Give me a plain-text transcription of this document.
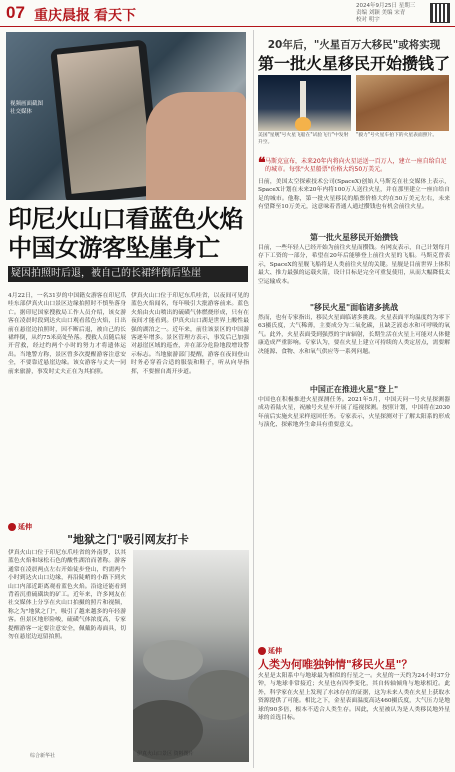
07 重庆晨报 看天下
2024年9月25日 星期三
责编 刘颖 美编 宋青
校对 明宇
视频画面截图
社交媒体
印尼火山口看蓝色火焰
中国女游客坠崖身亡
疑因拍照时后退，被自己的长裙绊倒后坠崖
4月22日，一名31岁的中国籍女游客在印尼爪哇东部伊真火山口景区边缘拍照时不慎坠落身亡。据印尼国家搜救局工作人员介绍，该女游客在凌晨时段到达火山口观看蓝色火焰，日出前在悬崖边拍照时，因不断后退，被自己的长裙绊倒，从约75米高处坠落。搜救人员随后展开营救，经过约两个小时的努力才将遗体运出。当地警方称，景区曾多次提醒游客注意安全，不要靠近悬崖边缘。该女游客与丈夫一同前来旅游，事发时丈夫正在为其拍照。
伊真火山口位于印尼东爪哇省，以夜间可见的蓝色火焰闻名，每年吸引大批游客前来。蓝色火焰由火山喷出的硫磺气体燃烧形成，只有在夜间才能看到。伊真火山口湖是世界上酸性最强的湖泊之一。近年来，前往该景区的中国游客逐年增多。景区管理方表示，事发后已加强对悬崖区域的巡查，并在部分危险地段增设警示标志。当地旅游部门提醒，游客在夜间登山时务必穿着合适的服装和鞋子，听从向导指挥，不要擅自离开步道。
延伸
"地狱之门"吸引网友打卡
伊真火山口位于印尼东爪哇省的外南梦，以其蓝色火焰和绿松石色的酸性湖泊而著称。游客通常在凌晨两点左右开始徒步登山，约需两个小时到达火山口边缘，再沿陡峭的小路下到火山口内部近距离观看蓝色火焰。沿途还能看到背着沉重硫磺块的矿工。近年来，许多网友在社交媒体上分享在火山口拍摄的照片和视频，称之为"地狱之门"，吸引了越来越多的年轻游客。但景区地形险峻，硫磺气体浓度高，专家提醒游客一定要注意安全，佩戴防毒面具，切勿在悬崖边逗留拍照。
伊真火山口景区 资料图片
综合新华社
20年后，"火星百万大移民"或将实现
第一批火星移民开始攒钱了
美国"星舰"号火星飞船在"试验飞行"中发射升空。
"毅力"号火星车拍下的火星表面照片。
❝ 马斯克宣布，未来20年内将向火星运送一百万人，建立一座自给自足的城市。每张"火星船票"价格大约50万美元。
日前，美国太空探索技术公司(SpaceX)创始人马斯克在社交媒体上表示，SpaceX计划在未来20年内将100万人送往火星，并在那里建立一座自给自足的城市。他称，第一批火星移民的船票价格大约在50万美元左右，未来有望降至10万美元，这意味着普通人通过攒钱也有机会前往火星。
第一批火星移民开始攒钱
目前，一些年轻人已经开始为前往火星而攒钱。有网友表示，自己计划每月存下工资的一部分，希望在20年后能够登上前往火星的飞船。马斯克曾表示，SpaceX的星舰飞船将是人类前往火星的关键。星舰是目前世界上体积最大、推力最强的运载火箭，设计目标是完全可重复使用，从而大幅降低太空运输成本。
"移民火星"面临诸多挑战
然而，也有专家指出，移民火星面临诸多挑战。火星表面平均温度约为零下63摄氏度，大气稀薄，主要成分为二氧化碳，且缺乏液态水和可呼吸的氧气。此外，火星表面受到强烈的宇宙辐射，长期生活在火星上可能对人体健康造成严重影响。专家认为，要在火星上建立可持续的人类定居点，需要解决能源、食物、水和氧气供应等一系列问题。
中国正在推进火星"登上"
中国也在积极推进火星探测任务。2021年5月，中国天问一号火星探测器成功着陆火星，祝融号火星车开展了巡视探测。按照计划，中国将在2030年前后实施火星采样返回任务。专家表示，火星探测对于了解太阳系的形成与演化、探索地外生命具有重要意义。
延伸
人类为何唯独钟情"移民火星"？
火星是太阳系中与地球最为相似的行星之一。火星的一天约为24小时37分钟，与地球非常接近；火星也有四季变化，其自转轴倾角与地球相近。此外，科学家在火星上发现了水冰存在的证据，这为未来人类在火星上获取水资源提供了可能。相比之下，金星表面温度高达460摄氏度，大气压力是地球的90多倍，根本不适合人类生存。因此，火星被认为是人类移民地外星球的首选目标。
